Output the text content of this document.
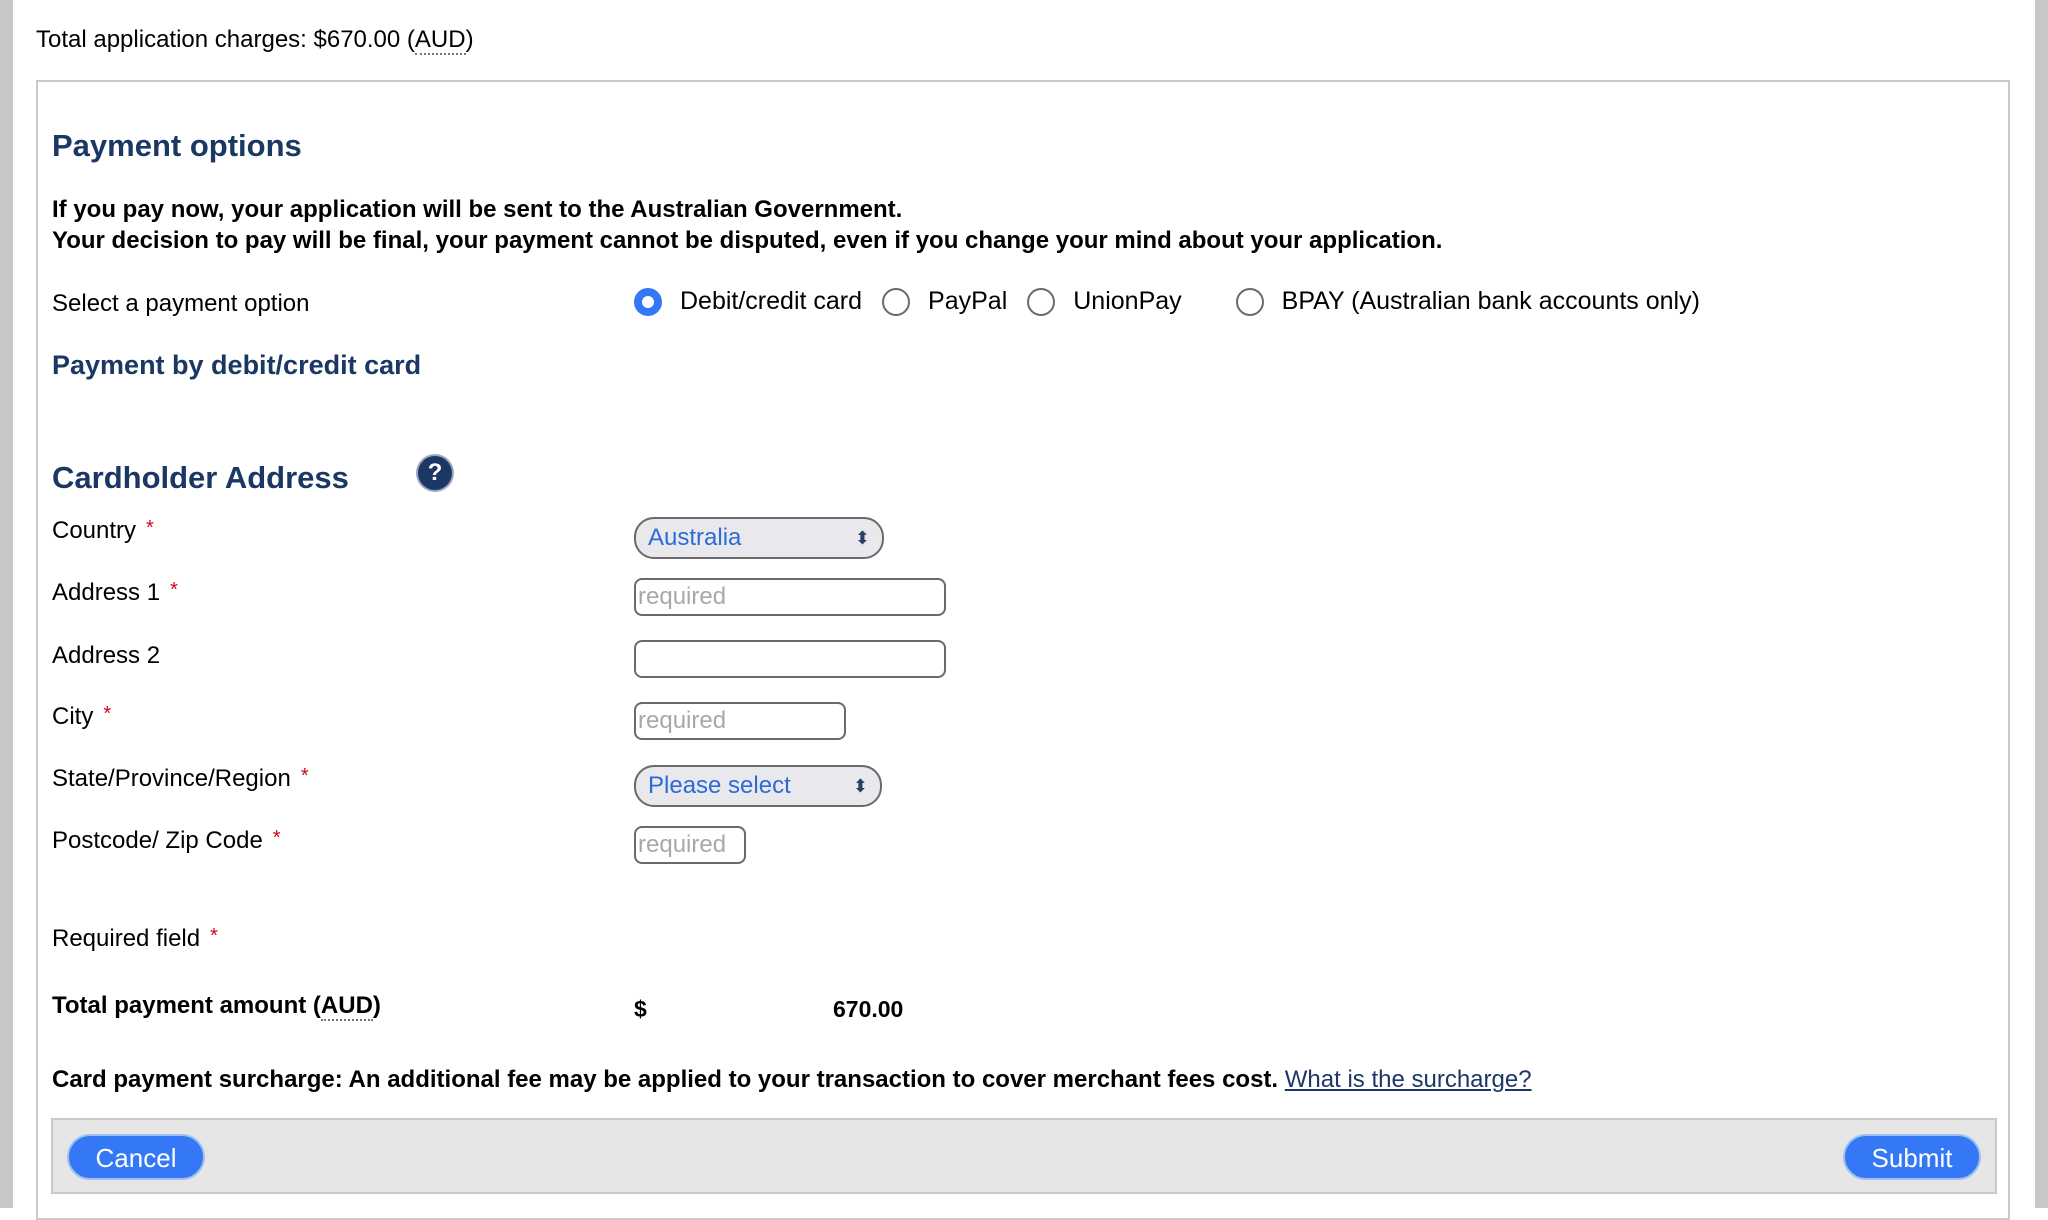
Total application charges: $670.00 (AUD)
Payment options
If you pay now, your application will be sent to the Australian Government.
Your decision to pay will be final, your payment cannot be disputed, even if you change your mind about your application.
Select a payment option	Debit/credit card	PayPal	UnionPay	BPAY (Australian bank accounts only)
Payment by debit/credit card
Cardholder Address	?
Country *	Australia	⬍
Address 1 *	required
Address 2
City *	required
State/Province/Region *	Please select	⬍
Postcode/ Zip Code *	required
Required field *
Total payment amount (AUD)	$	670.00
Card payment surcharge: An additional fee may be applied to your transaction to cover merchant fees cost. What is the surcharge?
Cancel	Submit
